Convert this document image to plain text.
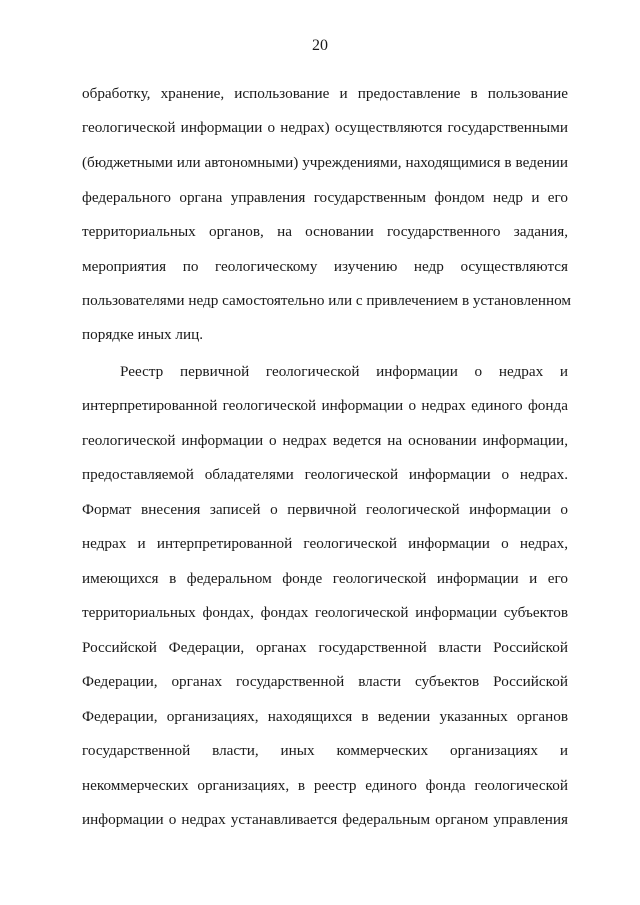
20
обработку, хранение, использование и предоставление в пользование
геологической информации о недрах) осуществляются государственными
(бюджетными или автономными) учреждениями, находящимися в ведении
федерального органа управления государственным фондом недр и его
территориальных органов, на основании государственного задания,
мероприятия по геологическому изучению недр осуществляются
пользователями недр самостоятельно или с привлечением в установленном
порядке иных лиц.
Реестр первичной геологической информации о недрах и
интерпретированной геологической информации о недрах единого фонда
геологической информации о недрах ведется на основании информации,
предоставляемой обладателями геологической информации о недрах.
Формат внесения записей о первичной геологической информации о
недрах и интерпретированной геологической информации о недрах,
имеющихся в федеральном фонде геологической информации и его
территориальных фондах, фондах геологической информации субъектов
Российской Федерации, органах государственной власти Российской
Федерации, органах государственной власти субъектов Российской
Федерации, организациях, находящихся в ведении указанных органов
государственной власти, иных коммерческих организациях и
некоммерческих организациях, в реестр единого фонда геологической
информации о недрах устанавливается федеральным органом управления
